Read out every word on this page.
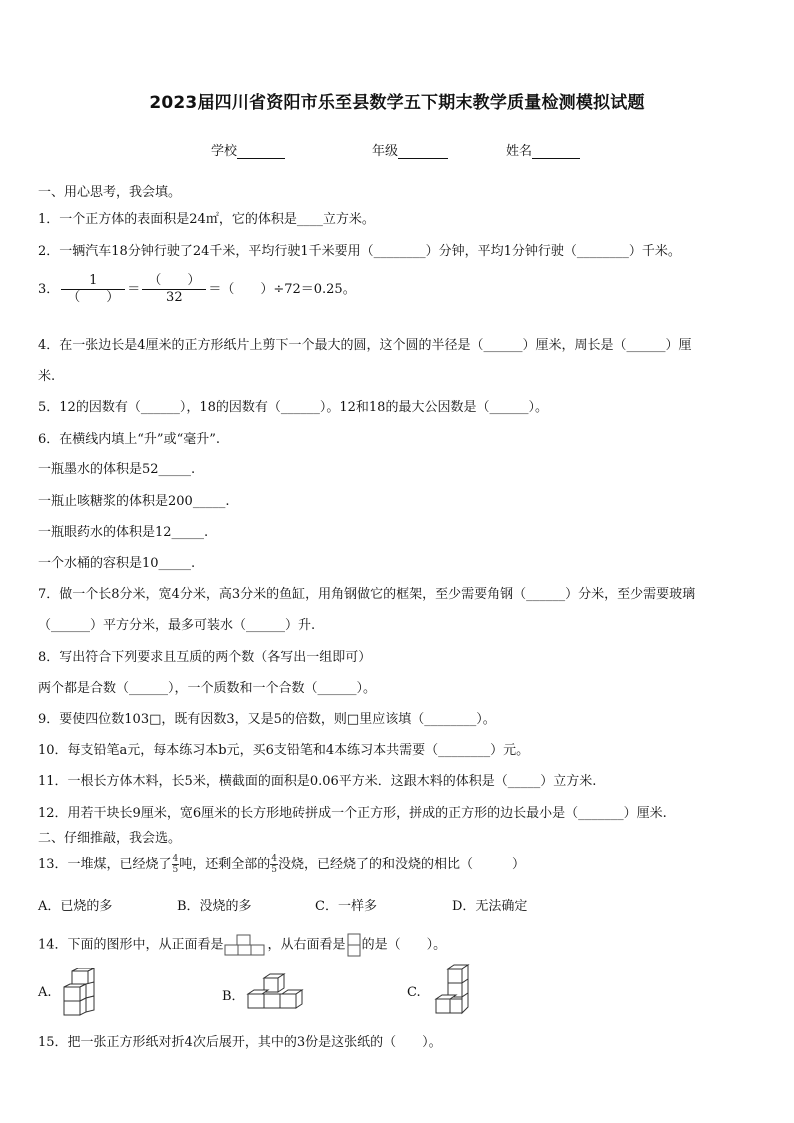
2023届四川省资阳市乐至县数学五下期末教学质量检测模拟试题
学校	年级	姓名
一、用心思考，我会填。
1．一个正方体的表面积是24㎡，它的体积是____立方米。
2．一辆汽车18分钟行驶了24千米，平均行驶1千米要用（________）分钟，平均1分钟行驶（________）千米。
3． $\frac{1}{( )} = \frac{( )}{32}$ ＝（　　）÷72＝0.25。
4．在一张边长是4厘米的正方形纸片上剪下一个最大的圆，这个圆的半径是（______）厘米，周长是（______）厘
米.
5．12的因数有（______），18的因数有（______）。12和18的最大公因数是（______）。
6．在横线内填上“升”或“毫升”.
一瓶墨水的体积是52_____.
一瓶止咳糖浆的体积是200_____.
一瓶眼药水的体积是12_____.
一个水桶的容积是10_____.
7．做一个长8分米，宽4分米，高3分米的鱼缸，用角钢做它的框架，至少需要角钢（______）分米，至少需要玻璃
（______）平方分米，最多可装水（______）升.
8．写出符合下列要求且互质的两个数（各写出一组即可）
两个都是合数（______），一个质数和一个合数（______）。
9．要使四位数103□，既有因数3，又是5的倍数，则□里应该填（________）。
10．每支铅笔a元，每本练习本b元，买6支铅笔和4本练习本共需要（________）元。
11．一根长方体木料，长5米，横截面的面积是0.06平方米．这跟木料的体积是（_____）立方米.
12．用若干块长9厘米，宽6厘米的长方形地砖拼成一个正方形，拼成的正方形的边长最小是（_______）厘米.
二、仔细推敲，我会选。
13．一堆煤，已经烧了 $\frac{4}{5}$ 吨，还剩全部的 $\frac{4}{5}$ 没烧，已经烧了的和没烧的相比（　　　）
A．已烧的多	B．没烧的多	C．一样多	D．无法确定
14．下面的图形中，从正面看是	，从右面看是 的是（　　）。
A.	B．	C.
15．把一张正方形纸对折4次后展开，其中的3份是这张纸的（　　）。
